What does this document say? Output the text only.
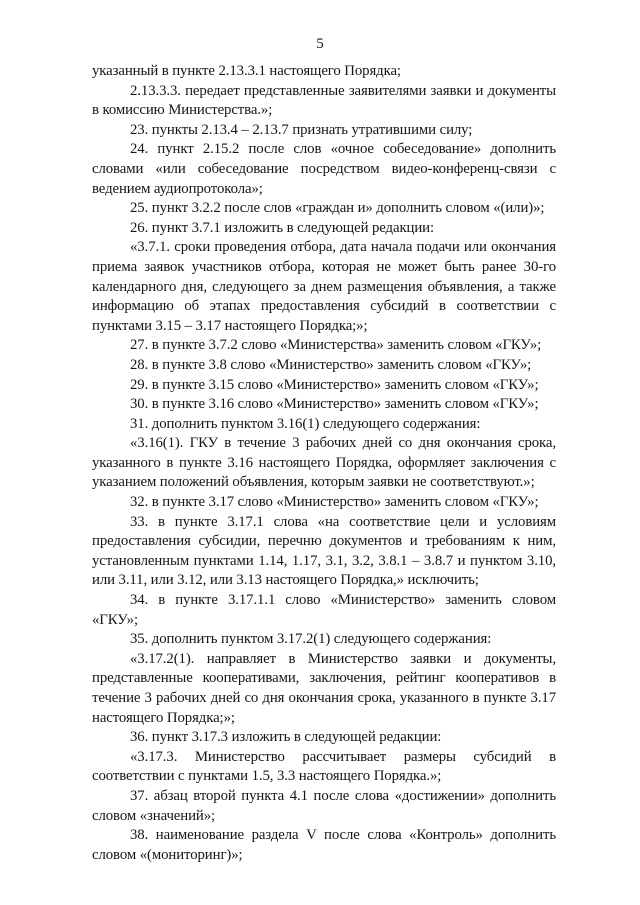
5

указанный в пункте 2.13.3.1 настоящего Порядка;

2.13.3.3. передает представленные заявителями заявки и документы в комиссию Министерства.»;

23. пункты 2.13.4 – 2.13.7 признать утратившими силу;

24. пункт 2.15.2 после слов «очное собеседование» дополнить словами «или собеседование посредством видео-конференц-связи с ведением аудиопротокола»;

25. пункт 3.2.2 после слов «граждан и» дополнить словом «(или)»;

26. пункт 3.7.1 изложить в следующей редакции:

«3.7.1. сроки проведения отбора, дата начала подачи или окончания приема заявок участников отбора, которая не может быть ранее 30-го календарного дня, следующего за днем размещения объявления, а также информацию об этапах предоставления субсидий в соответствии с пунктами 3.15 – 3.17 настоящего Порядка;»;

27. в пункте 3.7.2 слово «Министерства» заменить словом «ГКУ»;

28. в пункте 3.8 слово «Министерство» заменить словом «ГКУ»;

29. в пункте 3.15 слово «Министерство» заменить словом «ГКУ»;

30. в пункте 3.16 слово «Министерство» заменить словом «ГКУ»;

31. дополнить пунктом 3.16(1) следующего содержания:

«3.16(1). ГКУ в течение 3 рабочих дней со дня окончания срока, указанного в пункте 3.16 настоящего Порядка, оформляет заключения с указанием положений объявления, которым заявки не соответствуют.»;

32. в пункте 3.17 слово «Министерство» заменить словом «ГКУ»;

33. в пункте 3.17.1 слова «на соответствие цели и условиям предоставления субсидии, перечню документов и требованиям к ним, установленным пунктами 1.14, 1.17, 3.1, 3.2, 3.8.1 – 3.8.7 и пунктом 3.10, или 3.11, или 3.12, или 3.13 настоящего Порядка,» исключить;

34. в пункте 3.17.1.1 слово «Министерство» заменить словом «ГКУ»;

35. дополнить пунктом 3.17.2(1) следующего содержания:

«3.17.2(1). направляет в Министерство заявки и документы, представленные кооперативами, заключения, рейтинг кооперативов в течение 3 рабочих дней со дня окончания срока, указанного в пункте 3.17 настоящего Порядка;»;

36. пункт 3.17.3 изложить в следующей редакции:

«3.17.3. Министерство рассчитывает размеры субсидий в соответствии с пунктами 1.5, 3.3 настоящего Порядка.»;

37. абзац второй пункта 4.1 после слова «достижении» дополнить словом «значений»;

38. наименование раздела V после слова «Контроль» дополнить словом «(мониторинг)»;
